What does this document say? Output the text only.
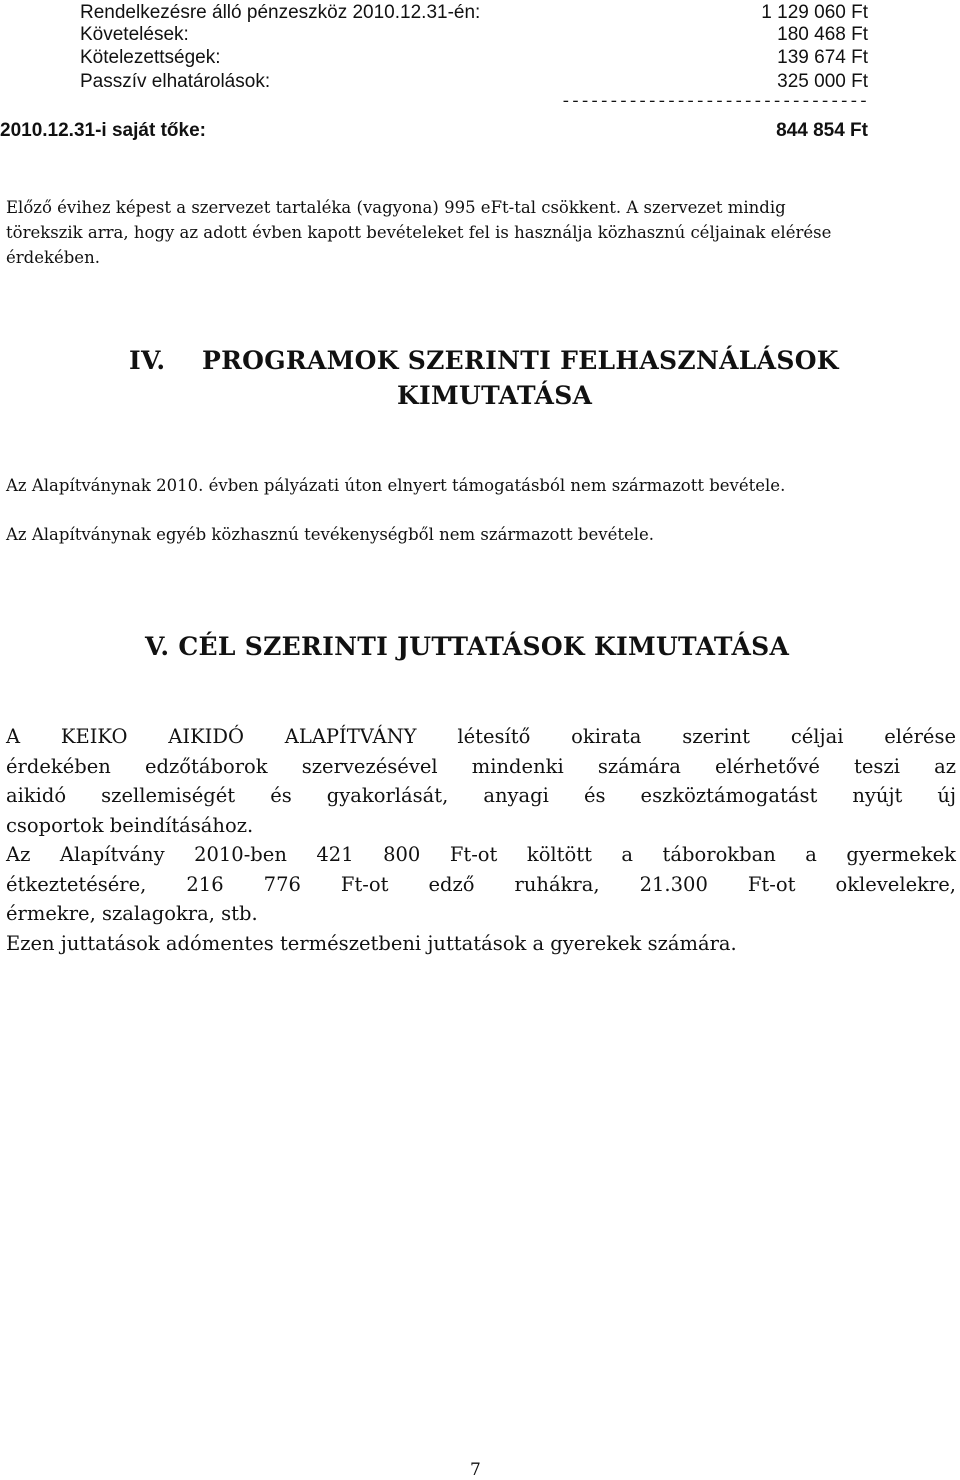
Rendelkezésre álló pénzeszköz 2010.12.31-én:	1 129 060 Ft
Követelések:	180 468 Ft
Kötelezettségek:	139 674 Ft
Passzív elhatárolások:	325 000 Ft
--------------------------------
2010.12.31-i saját tőke:	844 854 Ft
Előző évihez képest a szervezet tartaléka (vagyona) 995 eFt-tal csökkent. A szervezet mindig törekszik arra, hogy az adott évben kapott bevételeket fel is használja közhasznú céljainak elérése érdekében.
IV. PROGRAMOK SZERINTI FELHASZNÁLÁSOK
KIMUTATÁSA
Az Alapítványnak 2010. évben pályázati úton elnyert támogatásból nem származott bevétele.
Az Alapítványnak egyéb közhasznú tevékenységből nem származott bevétele.
V. CÉL SZERINTI JUTTATÁSOK KIMUTATÁSA
A KEIKO AIKIDÓ ALAPÍTVÁNY létesítő okirata szerint céljai elérése
érdekében edzőtáborok szervezésével mindenki számára elérhetővé teszi az
aikidó szellemiségét és gyakorlását, anyagi és eszköztámogatást nyújt új
csoportok beindításához.
Az Alapítvány 2010-ben 421 800 Ft-ot költött a táborokban a gyermekek
étkeztetésére, 216 776 Ft-ot edző ruhákra, 21.300 Ft-ot oklevelekre,
érmekre, szalagokra, stb.
Ezen juttatások adómentes természetbeni juttatások a gyerekek számára.
7
